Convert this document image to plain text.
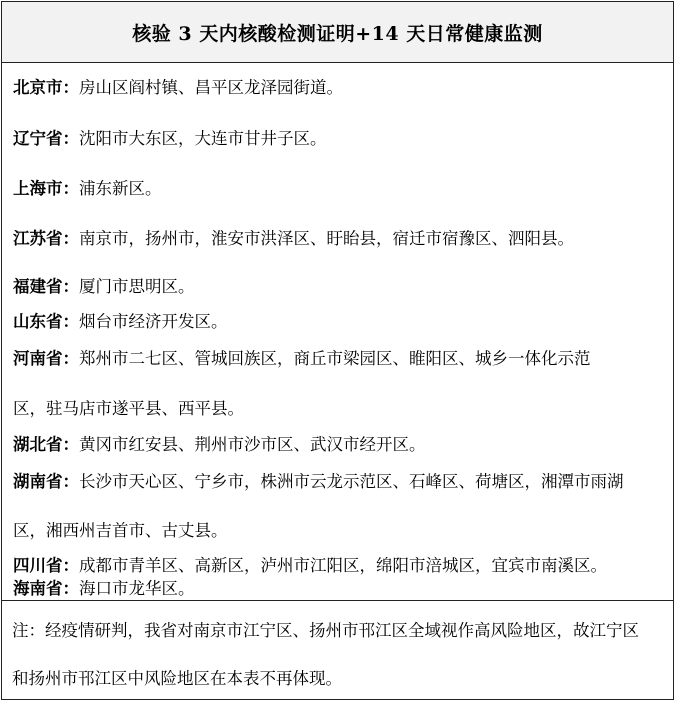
核验 3 天内核酸检测证明+14 天日常健康监测
北京市：房山区阎村镇、昌平区龙泽园街道。
辽宁省：沈阳市大东区，大连市甘井子区。
上海市：浦东新区。
江苏省：南京市，扬州市，淮安市洪泽区、盱眙县，宿迁市宿豫区、泗阳县。
福建省：厦门市思明区。
山东省：烟台市经济开发区。
河南省：郑州市二七区、管城回族区，商丘市梁园区、睢阳区、城乡一体化示范
区，驻马店市遂平县、西平县。
湖北省：黄冈市红安县、荆州市沙市区、武汉市经开区。
湖南省：长沙市天心区、宁乡市，株洲市云龙示范区、石峰区、荷塘区，湘潭市雨湖
区，湘西州吉首市、古丈县。
四川省：成都市青羊区、高新区，泸州市江阳区，绵阳市涪城区，宜宾市南溪区。
海南省：海口市龙华区。
注：经疫情研判，我省对南京市江宁区、扬州市邗江区全域视作高风险地区，故江宁区
和扬州市邗江区中风险地区在本表不再体现。
